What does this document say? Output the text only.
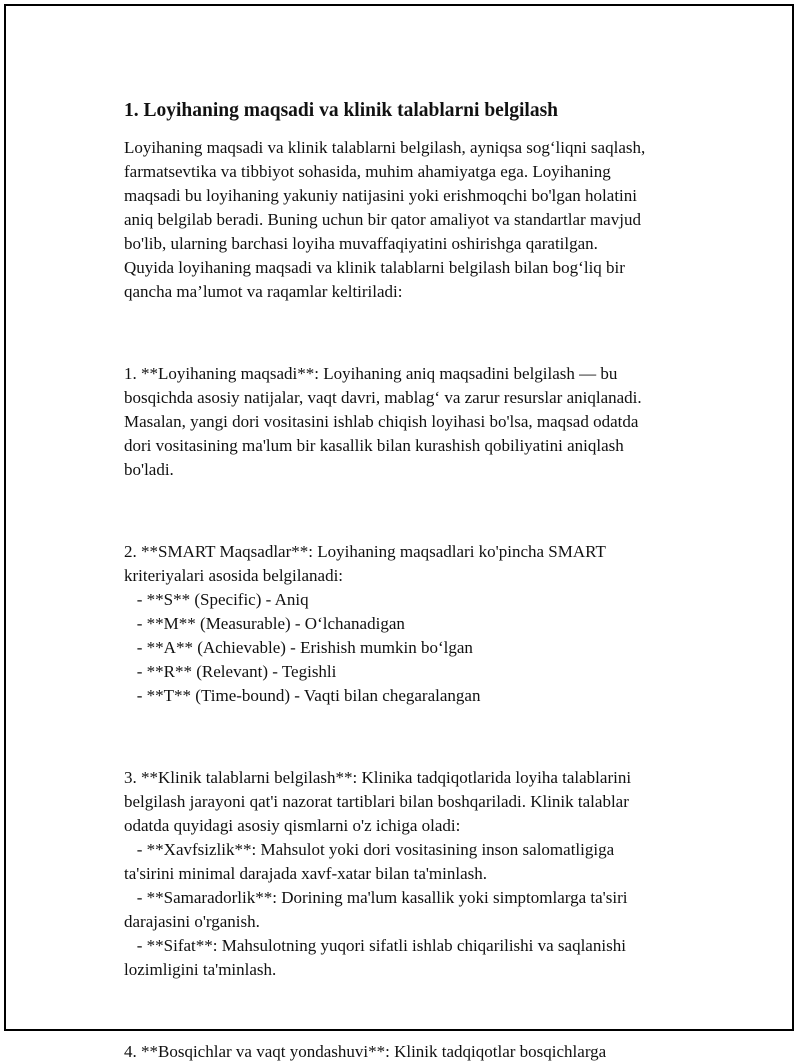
1. Loyihaning maqsadi va klinik talablarni belgilash

Loyihaning maqsadi va klinik talablarni belgilash, ayniqsa sog‘liqni saqlash,

farmatsevtika va tibbiyot sohasida, muhim ahamiyatga ega. Loyihaning

maqsadi bu loyihaning yakuniy natijasini yoki erishmoqchi bo'lgan holatini

aniq belgilab beradi. Buning uchun bir qator amaliyot va standartlar mavjud

bo'lib, ularning barchasi loyiha muvaffaqiyatini oshirishga qaratilgan.

Quyida loyihaning maqsadi va klinik talablarni belgilash bilan bog‘liq bir

qancha ma’lumot va raqamlar keltiriladi:

1. **Loyihaning maqsadi**: Loyihaning aniq maqsadini belgilash — bu

bosqichda asosiy natijalar, vaqt davri, mablag‘ va zarur resurslar aniqlanadi.

Masalan, yangi dori vositasini ishlab chiqish loyihasi bo'lsa, maqsad odatda

dori vositasining ma'lum bir kasallik bilan kurashish qobiliyatini aniqlash

bo'ladi.

2. **SMART Maqsadlar**: Loyihaning maqsadlari ko'pincha SMART

kriteriyalari asosida belgilanadi:

- **S** (Specific) - Aniq

- **M** (Measurable) - O‘lchanadigan

- **A** (Achievable) - Erishish mumkin bo‘lgan

- **R** (Relevant) - Tegishli

- **T** (Time-bound) - Vaqti bilan chegaralangan

3. **Klinik talablarni belgilash**: Klinika tadqiqotlarida loyiha talablarini

belgilash jarayoni qat'i nazorat tartiblari bilan boshqariladi. Klinik talablar

odatda quyidagi asosiy qismlarni o'z ichiga oladi:

- **Xavfsizlik**: Mahsulot yoki dori vositasining inson salomatligiga

ta'sirini minimal darajada xavf-xatar bilan ta'minlash.

- **Samaradorlik**: Dorining ma'lum kasallik yoki simptomlarga ta'siri

darajasini o'rganish.

- **Sifat**: Mahsulotning yuqori sifatli ishlab chiqarilishi va saqlanishi

lozimligini ta'minlash.

4. **Bosqichlar va vaqt yondashuvi**: Klinik tadqiqotlar bosqichlarga
